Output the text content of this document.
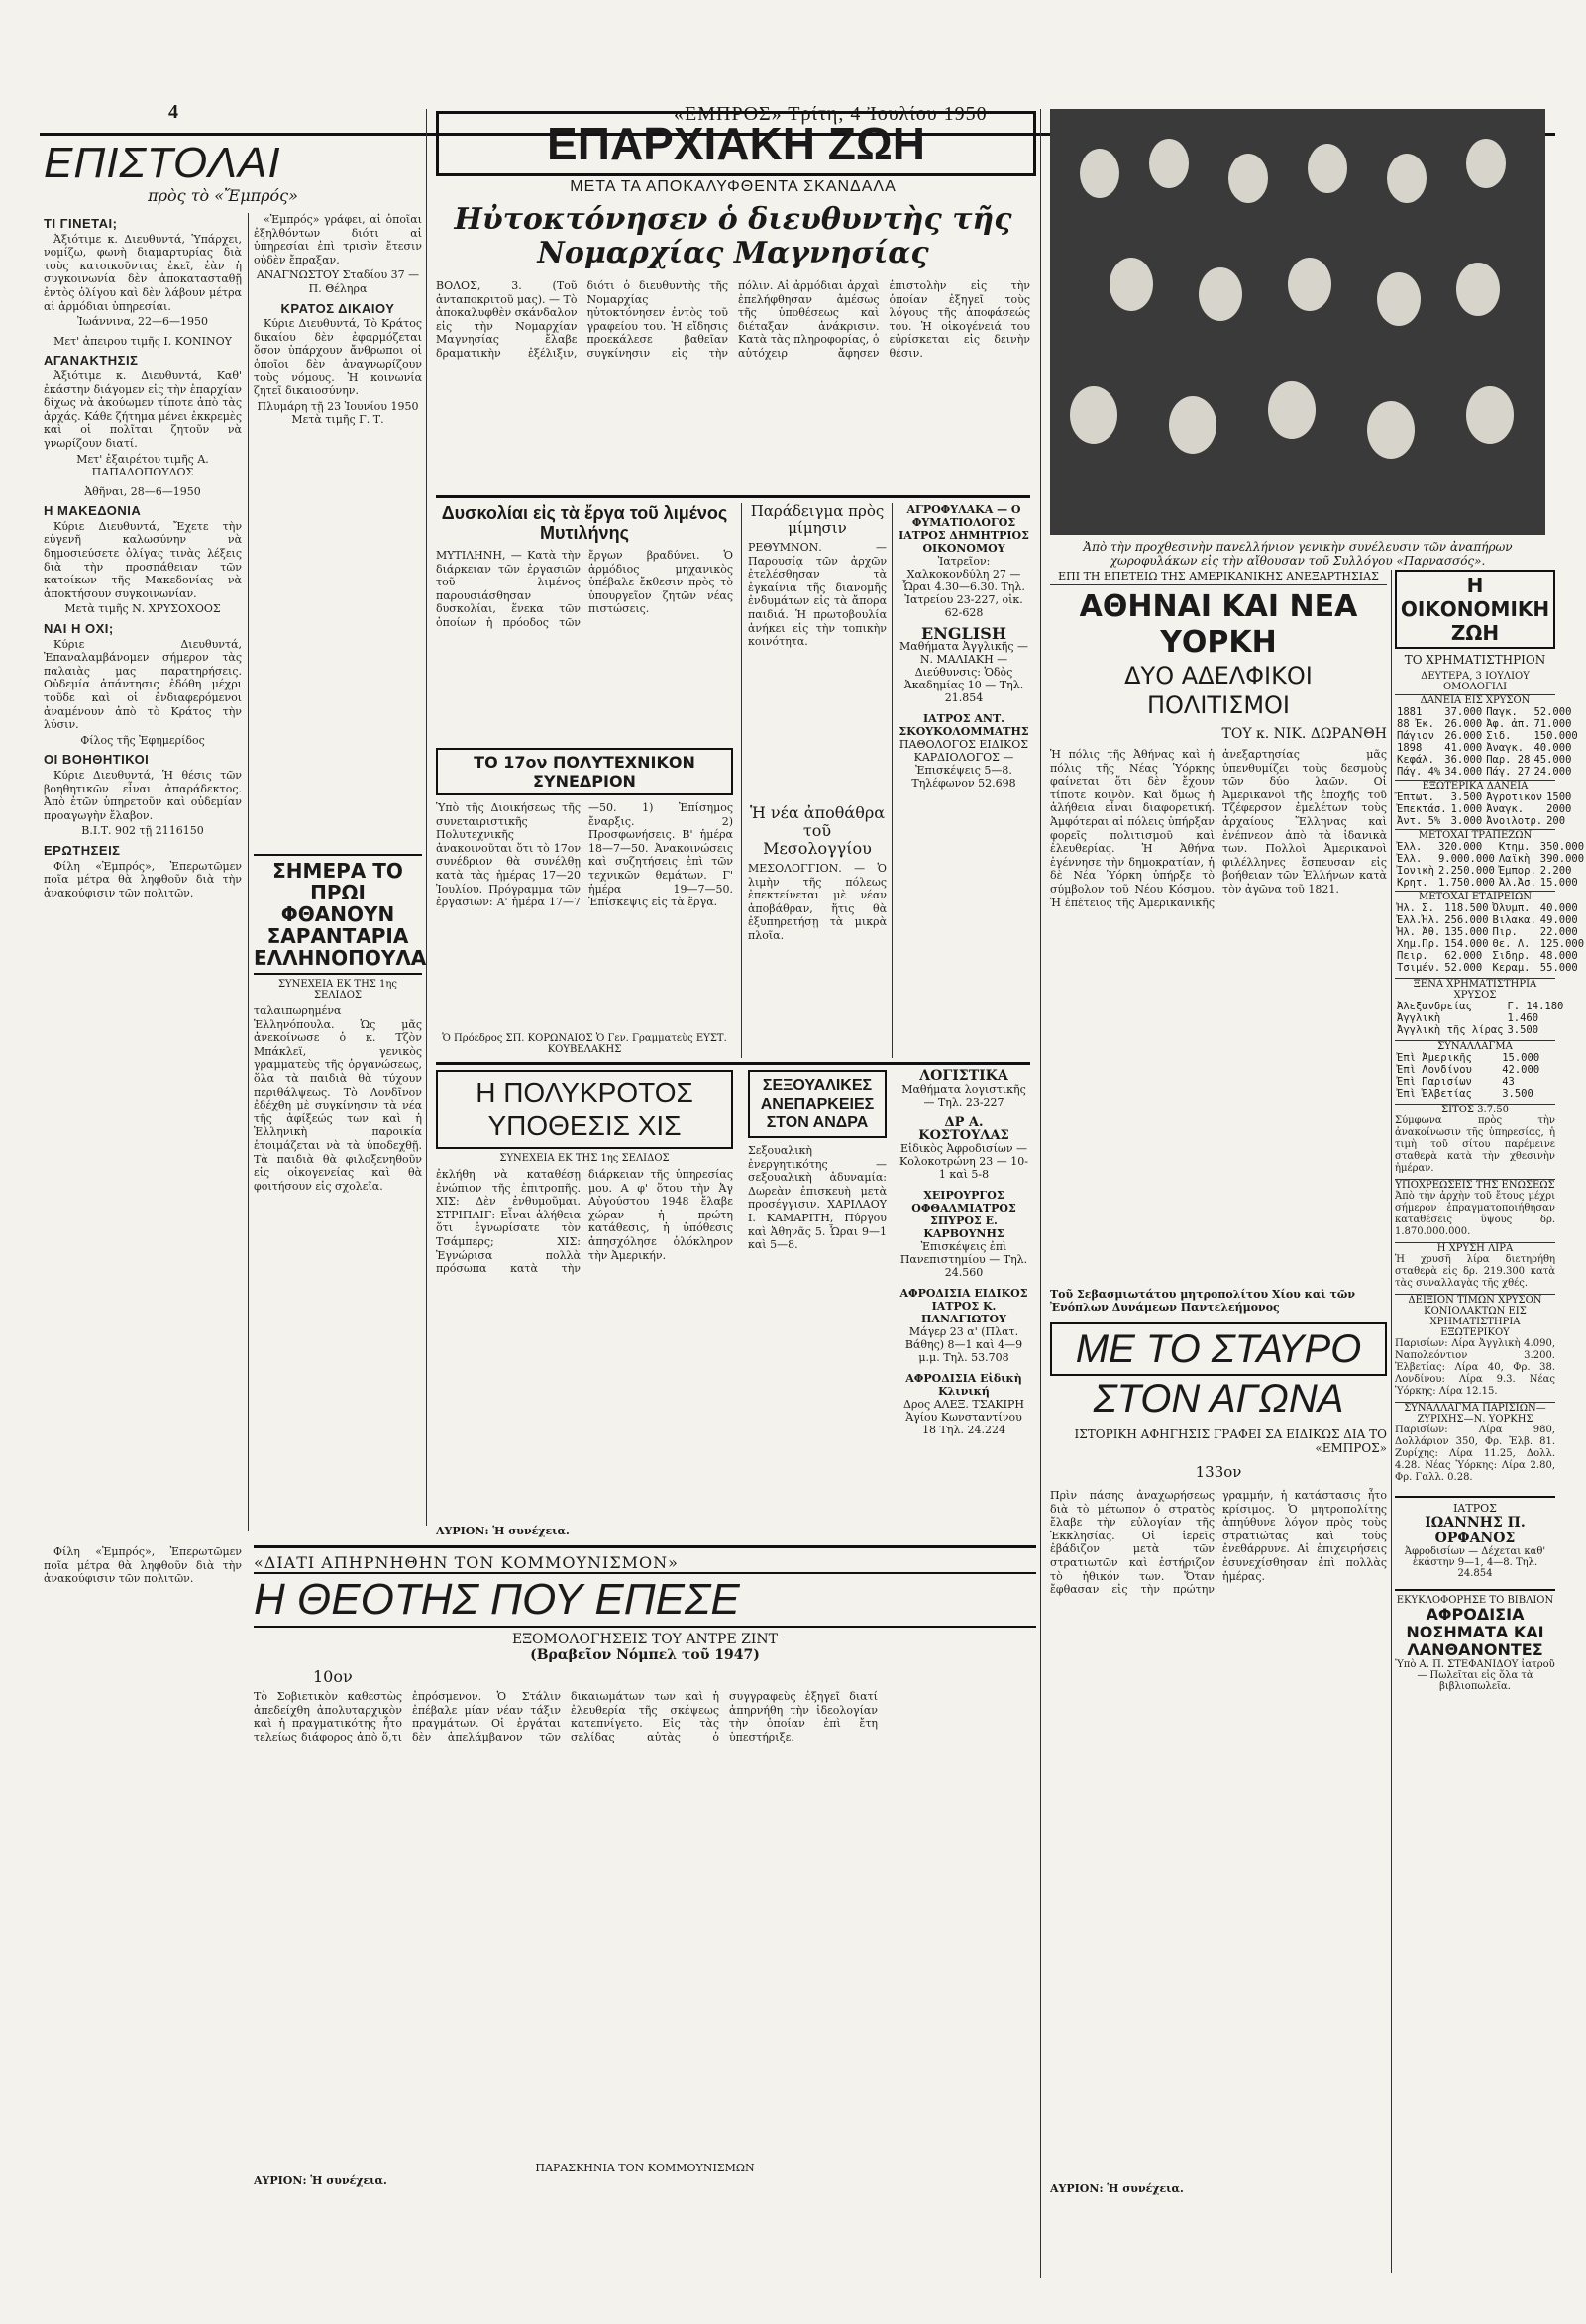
4	«ΕΜΠΡΟΣ» Τρίτη, 4 Ἰουλίου 1950
ΕΠΙΣΤΟΛΑΙ
πρὸς τὸ «Ἔμπρός»
ΤΙ ΓΙΝΕΤΑΙ;

Ἀξιότιμε κ. Διευθυντά, Ὑπάρχει, νομίζω, φωνὴ διαμαρτυρίας διὰ τοὺς κατοικοῦντας ἐκεῖ, ἐὰν ἡ συγκοινωνία δὲν ἀποκατασταθῇ ἐντὸς ὀλίγου καὶ δὲν λάβουν μέτρα αἱ ἀρμόδιαι ὑπηρεσίαι.

Ἰωάννινα, 22—6—1950

Μετ' ἀπειρου τιμῆς Ι. ΚΟΝΙΝΟΥ

ΑΓΑΝΑΚΤΗΣΙΣ

Ἀξιότιμε κ. Διευθυντά, Καθ' ἐκάστην διάγομεν εἰς τὴν ἐπαρχίαν δίχως νὰ ἀκούωμεν τίποτε ἀπὸ τὰς ἀρχάς. Κάθε ζήτημα μένει ἐκκρεμὲς καὶ οἱ πολῖται ζητοῦν νὰ γνωρίζουν διατί.

Μετ' ἐξαιρέτου τιμῆς Α. ΠΑΠΑΔΟΠΟΥΛΟΣ

Ἀθῆναι, 28—6—1950

Η ΜΑΚΕΔΟΝΙΑ

Κύριε Διευθυντά, Ἔχετε τὴν εὐγενῆ καλωσύνην νὰ δημοσιεύσετε ὀλίγας τινὰς λέξεις διὰ τὴν προσπάθειαν τῶν κατοίκων τῆς Μακεδονίας νὰ ἀποκτήσουν συγκοινωνίαν.

Μετὰ τιμῆς Ν. ΧΡΥΣΟΧΟΟΣ

ΝΑΙ Η ΟΧΙ;

Κύριε Διευθυντά, Ἐπαναλαμβάνομεν σήμερον τὰς παλαιὰς μας παρατηρήσεις. Οὐδεμία ἀπάντησις ἐδόθη μέχρι τοῦδε καὶ οἱ ἐνδιαφερόμενοι ἀναμένουν ἀπὸ τὸ Κράτος τὴν λύσιν.

Φίλος τῆς Ἐφημερίδος

ΟΙ ΒΟΗΘΗΤΙΚΟΙ

Κύριε Διευθυντά, Ἡ θέσις τῶν βοηθητικῶν εἶναι ἀπαράδεκτος. Ἀπὸ ἐτῶν ὑπηρετοῦν καὶ οὐδεμίαν προαγωγὴν ἔλαβον.

Β.Ι.Τ. 902 τῇ 2116150

ΕΡΩΤΗΣΕΙΣ

Φίλη «Ἐμπρός», Ἐπερωτῶμεν ποῖα μέτρα θὰ ληφθοῦν διὰ τὴν ἀνακούφισιν τῶν πολιτῶν.

«Ἐμπρός» γράφει, αἱ ὁποῖαι ἐξηλθόντων διότι αἱ ὑπηρεσίαι ἐπὶ τρισὶν ἔτεσιν οὐδὲν ἔπραξαν.

ΑΝΑΓΝΩΣΤΟΥ Σταδίου 37 — Π. Θέληρα

ΚΡΑΤΟΣ ΔΙΚΑΙΟΥ

Κύριε Διευθυντά, Τὸ Κράτος δικαίου δὲν ἐφαρμόζεται ὅσον ὑπάρχουν ἄνθρωποι οἱ ὁποῖοι δὲν ἀναγνωρίζουν τοὺς νόμους. Ἡ κοινωνία ζητεῖ δικαιοσύνην.

Πλυμάρη τῇ 23 Ἰουνίου 1950 Μετὰ τιμῆς Γ. Τ.

ΣΗΜΕΡΑ ΤΟ ΠΡΩΙ ΦΘΑΝΟΥΝ ΣΑΡΑΝΤΑΡΙΑ ΕΛΛΗΝΟΠΟΥΛΑ
ΣΥΝΕΧΕΙΑ ΕΚ ΤΗΣ 1ης ΣΕΛΙΔΟΣ
ταλαιπωρημένα Ἑλληνόπουλα. Ὡς μᾶς ἀνεκοίνωσε ὁ κ. Τζὸν Μπάκλεϊ, γενικὸς γραμματεὺς τῆς ὀργανώσεως, ὅλα τὰ παιδιὰ θὰ τύχουν περιθάλψεως. Τὸ Λονδῖνον ἐδέχθη μὲ συγκίνησιν τὰ νέα τῆς ἀφίξεώς των καὶ ἡ Ἑλληνικὴ παροικία ἑτοιμάζεται νὰ τὰ ὑποδεχθῇ. Τὰ παιδιὰ θὰ φιλοξενηθοῦν εἰς οἰκογενείας καὶ θὰ φοιτήσουν εἰς σχολεῖα.
ΕΠΑΡΧΙΑΚΗ ΖΩΗ
ΜΕΤΑ ΤΑ ΑΠΟΚΑΛΥΦΘΕΝΤΑ ΣΚΑΝΔΑΛΑ
Ηὐτοκτόνησεν ὁ διευθυντὴς τῆς Νομαρχίας Μαγνησίας
ΒΟΛΟΣ, 3. (Τοῦ ἀνταποκριτοῦ μας). — Τὸ ἀποκαλυφθὲν σκάνδαλον εἰς τὴν Νομαρχίαν Μαγνησίας ἔλαβε δραματικὴν ἐξέλιξιν, διότι ὁ διευθυντὴς τῆς Νομαρχίας ηὐτοκτόνησεν ἐντὸς τοῦ γραφείου του. Ἡ εἴδησις προεκάλεσε βαθεῖαν συγκίνησιν εἰς τὴν πόλιν. Αἱ ἀρμόδιαι ἀρχαὶ ἐπελήφθησαν ἀμέσως τῆς ὑποθέσεως καὶ διέταξαν ἀνάκρισιν. Κατὰ τὰς πληροφορίας, ὁ αὐτόχειρ ἄφησεν ἐπιστολὴν εἰς τὴν ὁποίαν ἐξηγεῖ τοὺς λόγους τῆς ἀποφάσεώς του. Ἡ οἰκογένειά του εὑρίσκεται εἰς δεινὴν θέσιν.
Ἀπὸ τὴν προχθεσινὴν πανελλήνιον γενικὴν συνέλευσιν τῶν ἀναπήρων χωροφυλάκων εἰς τὴν αἴθουσαν τοῦ Συλλόγου «Παρνασσός».
Δυσκολίαι εἰς τὰ ἔργα τοῦ λιμένος Μυτιλήνης
ΜΥΤΙΛΗΝΗ, — Κατὰ τὴν διάρκειαν τῶν ἐργασιῶν τοῦ λιμένος παρουσιάσθησαν δυσκολίαι, ἕνεκα τῶν ὁποίων ἡ πρόοδος τῶν ἔργων βραδύνει. Ὁ ἁρμόδιος μηχανικὸς ὑπέβαλε ἔκθεσιν πρὸς τὸ ὑπουργεῖον ζητῶν νέας πιστώσεις.
Παράδειγμα πρὸς μίμησιν
ΡΕΘΥΜΝΟΝ. — Παρουσίᾳ τῶν ἀρχῶν ἐτελέσθησαν τὰ ἐγκαίνια τῆς διανομῆς ἐνδυμάτων εἰς τὰ ἄπορα παιδιά. Ἡ πρωτοβουλία ἀνήκει εἰς τὴν τοπικὴν κοινότητα.
Ἡ νέα ἀποθάθρα τοῦ Μεσολογγίου
ΜΕΣΟΛΟΓΓΙΟΝ. — Ὁ λιμὴν τῆς πόλεως ἐπεκτείνεται μὲ νέαν ἀποβάθραν, ἥτις θὰ ἐξυπηρετήσῃ τὰ μικρὰ πλοῖα.
ΤΟ 17ον ΠΟΛΥΤΕΧΝΙΚΟΝ ΣΥΝΕΔΡΙΟΝ
Ὑπὸ τῆς Διοικήσεως τῆς συνεταιριστικῆς Πολυτεχνικῆς ἀνακοινοῦται ὅτι τὸ 17ον συνέδριον θὰ συνέλθῃ κατὰ τὰς ἡμέρας 17—20 Ἰουλίου. Πρόγραμμα τῶν ἐργασιῶν: Α' ἡμέρα 17—7—50. 1) Ἐπίσημος ἔναρξις. 2) Προσφωνήσεις. Β' ἡμέρα 18—7—50. Ἀνακοινώσεις καὶ συζητήσεις ἐπὶ τῶν τεχνικῶν θεμάτων. Γ' ἡμέρα 19—7—50. Ἐπίσκεψις εἰς τὰ ἔργα.
Ὁ Πρόεδρος ΣΠ. ΚΟΡΩΝΑΙΟΣ Ὁ Γεν. Γραμματεὺς ΕΥΣΤ. ΚΟΥΒΕΛΑΚΗΣ
ΑΓΡΟΦΥΛΑΚΑ — Ο ΦΥΜΑΤΙΟΛΟΓΟΣ ΙΑΤΡΟΣ ΔΗΜΗΤΡΙΟΣ ΟΙΚΟΝΟΜΟΥ
Ἰατρεῖον: Χαλκοκονδύλη 27 — Ὧραι 4.30—6.30. Τηλ. Ἰατρείου 23-227, οἰκ. 62-628
ENGLISH
Μαθήματα Ἀγγλικῆς — Ν. ΜΑΛΙΑΚΗ — Διεύθυνσις: Ὁδὸς Ἀκαδημίας 10 — Τηλ. 21.854
ΙΑΤΡΟΣ ΑΝΤ. ΣΚΟΥΚΟΛΟΜΜΑΤΗΣ
ΠΑΘΟΛΟΓΟΣ ΕΙΔΙΚΟΣ ΚΑΡΔΙΟΛΟΓΟΣ — Ἐπισκέψεις 5—8. Τηλέφωνον 52.698
Η ΠΟΛΥΚΡΟΤΟΣ ΥΠΟΘΕΣΙΣ ΧΙΣ
ΣΥΝΕΧΕΙΑ ΕΚ ΤΗΣ 1ης ΣΕΛΙΔΟΣ
ἐκλήθη νὰ καταθέσῃ ἐνώπιον τῆς ἐπιτροπῆς. ΧΙΣ: Δὲν ἐνθυμοῦμαι. ΣΤΡΙΠΛΙΓ: Εἶναι ἀλήθεια ὅτι ἐγνωρίσατε τὸν Τσάμπερς; ΧΙΣ: Ἐγνώρισα πολλὰ πρόσωπα κατὰ τὴν διάρκειαν τῆς ὑπηρεσίας μου. Α φ' ὅτου τὴν Ἀγ Αὐγούστου 1948 ἔλαβε χώραν ἡ πρώτη κατάθεσις, ἡ ὑπόθεσις ἀπησχόλησε ὁλόκληρον τὴν Ἀμερικήν.
ΑΥΡΙΟΝ: Ἡ συνέχεια.
ΣΕΞΟΥΑΛΙΚΕΣ ΑΝΕΠΑΡΚΕΙΕΣ ΣΤΟΝ ΑΝΔΡΑ
Σεξουαλικὴ ἐνεργητικότης — σεξουαλικὴ ἀδυναμία: Δωρεὰν ἐπισκευὴ μετὰ προσέγγισιν. ΧΑΡΙΛΑΟΥ Ι. ΚΑΜΑΡΙΤΗ, Πύργου καὶ Ἀθηνᾶς 5. Ὧραι 9—1 καὶ 5—8.
ΛΟΓΙΣΤΙΚΑ
Μαθήματα λογιστικῆς — Τηλ. 23-227
ΔΡ Α. ΚΟΣΤΟΥΛΑΣ
Εἰδικὸς Ἀφροδισίων — Κολοκοτρώνη 23 — 10-1 καὶ 5-8
ΧΕΙΡΟΥΡΓΟΣ ΟΦΘΑΛΜΙΑΤΡΟΣ ΣΠΥΡΟΣ Ε. ΚΑΡΒΟΥΝΗΣ
Ἐπισκέψεις ἐπὶ Πανεπιστημίου — Τηλ. 24.560
ΑΦΡΟΔΙΣΙΑ ΕΙΔΙΚΟΣ ΙΑΤΡΟΣ Κ. ΠΑΝΑΓΙΩΤΟΥ
Μάγερ 23 α' (Πλατ. Βάθης) 8—1 καὶ 4—9 μ.μ. Τηλ. 53.708
ΑΦΡΟΔΙΣΙΑ Εἰδικὴ Κλινική
Δρος ΑΛΕΞ. ΤΣΑΚΙΡΗ Ἁγίου Κωνσταντίνου 18 Τηλ. 24.224
ΕΠΙ ΤΗ ΕΠΕΤΕΙΩ ΤΗΣ ΑΜΕΡΙΚΑΝΙΚΗΣ ΑΝΕΞΑΡΤΗΣΙΑΣ
ΑΘΗΝΑΙ ΚΑΙ ΝΕΑ ΥΟΡΚΗ
ΔΥΟ ΑΔΕΛΦΙΚΟΙ ΠΟΛΙΤΙΣΜΟΙ
ΤΟΥ κ. ΝΙΚ. ΔΩΡΑΝΘΗ
Ἡ πόλις τῆς Ἀθήνας καὶ ἡ πόλις τῆς Νέας Ὑόρκης φαίνεται ὅτι δὲν ἔχουν τίποτε κοινὸν. Καὶ ὅμως ἡ ἀλήθεια εἶναι διαφορετική. Ἀμφότεραι αἱ πόλεις ὑπήρξαν φορεῖς πολιτισμοῦ καὶ ἐλευθερίας. Ἡ Ἀθήνα ἐγέννησε τὴν δημοκρατίαν, ἡ δὲ Νέα Ὑόρκη ὑπήρξε τὸ σύμβολον τοῦ Νέου Κόσμου. Ἡ ἐπέτειος τῆς Ἀμερικανικῆς ἀνεξαρτησίας μᾶς ὑπενθυμίζει τοὺς δεσμοὺς τῶν δύο λαῶν. Οἱ Ἀμερικανοὶ τῆς ἐποχῆς τοῦ Τζέφερσον ἐμελέτων τοὺς ἀρχαίους Ἕλληνας καὶ ἐνέπνεον ἀπὸ τὰ ἰδανικὰ των. Πολλοὶ Ἀμερικανοὶ φιλέλληνες ἔσπευσαν εἰς βοήθειαν τῶν Ἑλλήνων κατὰ τὸν ἀγῶνα τοῦ 1821.
Η ΟΙΚΟΝΟΜΙΚΗ ΖΩΗ
ΤΟ ΧΡΗΜΑΤΙΣΤΗΡΙΟΝ
ΔΕΥΤΕΡΑ, 3 ΙΟΥΛΙΟΥ
ΟΜΟΛΟΓΙΑΙ
ΔΑΝΕΙΑ ΕΙΣ ΧΡΥΣΟΝ
1881	37.000	Παγκ.	52.000
88 Ἐκ.	26.000	Ἀφ. ἀπ.	71.000
Πάγιον	26.000	Σιδ.	150.000
1898	41.000	Ἀναγκ.	40.000
Κεφάλ.	36.000	Παρ. 28	45.000
Πάγ. 4%	34.000	Πάγ. 27	24.000
ΕΞΩΤΕΡΙΚΑ ΔΑΝΕΙΑ
Ἔπτωτ.	3.500	Ἀγροτικὸν	1500
Ἐπεκτάσ.	1.000	Ἀναγκ.	2000
Ἀντ. 5%	3.000	Ἀνοιλοτρ.	200
ΜΕΤΟΧΑΙ ΤΡΑΠΕΖΩΝ
Ἐλλ.	320.000	Κτημ.	350.000
Ἐλλ.	9.000.000	Λαϊκὴ	390.000
Ἰονικὴ	2.250.000	Ἐμπορ.	2.200
Κρητ.	1.750.000	Ἀλ.Ἀσ.	15.000
ΜΕΤΟΧΑΙ ΕΤΑΙΡΕΙΩΝ
Ἠλ. Σ.	118.500	Ὀλυμπ.	40.000
Ἐλλ.Ἠλ.	256.000	Βιλακα.	49.000
Ἠλ. Ἀθ.	135.000	Πιρ.	22.000
Χημ.Πρ.	154.000	Θε. Λ.	125.000
Πειρ.	62.000	Σιδηρ.	48.000
Τσιμέν.	52.000	Κεραμ.	55.000
ΞΕΝΑ ΧΡΗΜΑΤΙΣΤΗΡΙΑ
ΧΡΥΣΟΣ
Ἀλεξανδρείας	Γ. 14.180
Ἀγγλικὴ	1.460
Ἀγγλικὴ τῆς λίρας	3.500
ΣΥΝΑΛΛΑΓΜΑ
Ἐπὶ Ἀμερικῆς	15.000
Ἐπὶ Λονδίνου	42.000
Ἐπὶ Παρισίων	43
Ἐπὶ Ἑλβετίας	3.500
ΣΙΤΟΣ 3.7.50
Σύμφωνα πρὸς τὴν ἀνακοίνωσιν τῆς ὑπηρεσίας, ἡ τιμὴ τοῦ σίτου παρέμεινε σταθερὰ κατὰ τὴν χθεσινὴν ἡμέραν.
ΥΠΟΧΡΕΩΣΕΙΣ ΤΗΣ ΕΝΩΣΕΩΣ
Ἀπὸ τὴν ἀρχὴν τοῦ ἔτους μέχρι σήμερον ἐπραγματοποιήθησαν καταθέσεις ὕψους δρ. 1.870.000.000.
Η ΧΡΥΣΗ ΛΙΡΑ
Ἡ χρυσῆ λίρα διετηρήθη σταθερὰ εἰς δρ. 219.300 κατὰ τὰς συναλλαγὰς τῆς χθές.
ΔΕΙΞΙΟΝ ΤΙΜΩΝ ΧΡΥΣΟΝ ΚΟΝΙΟΛΑΚΤΩΝ ΕΙΣ ΧΡΗΜΑΤΙΣΤΗΡΙΑ ΕΞΩΤΕΡΙΚΟΥ
Παρισίων: Λίρα Ἀγγλικὴ 4.090, Ναπολεόντιον 3.200. Ἐλβετίας: Λίρα 40, Φρ. 38. Λονδίνου: Λίρα 9.3. Νέας Ὑόρκης: Λίρα 12.15.
ΣΥΝΑΛΛΑΓΜΑ ΠΑΡΙΣΙΩΝ—ΖΥΡΙΧΗΣ—Ν. ΥΟΡΚΗΣ
Παρισίων: Λίρα 980, Δολλάριον 350, Φρ. Ἐλβ. 81. Ζυρίχης: Λίρα 11.25, Δολλ. 4.28. Νέας Ὑόρκης: Λίρα 2.80, Φρ. Γαλλ. 0.28.
ΙΑΤΡΟΣ
ΙΩΑΝΝΗΣ Π. ΟΡΦΑΝΟΣ
Ἀφροδισίων — Δέχεται καθ' ἑκάστην 9—1, 4—8. Τηλ. 24.854
ΕΚΥΚΛΟΦΟΡΗΣΕ ΤΟ ΒΙΒΛΙΟΝ
ΑΦΡΟΔΙΣΙΑ ΝΟΣΗΜΑΤΑ ΚΑΙ ΛΑΝΘΑΝΟΝΤΕΣ
Ὑπὸ Α. Π. ΣΤΕΦΑΝΙΔΟΥ ἰατροῦ — Πωλεῖται εἰς ὅλα τὰ βιβλιοπωλεῖα.
Τοῦ Σεβασμιωτάτου μητροπολίτου Χίου καὶ τῶν Ἐνόπλων Δυνάμεων Παντελεήμονος
ΜΕ ΤΟ ΣΤΑΥΡΟ
ΣΤΟΝ ΑΓΩΝΑ
ΙΣΤΟΡΙΚΗ ΑΦΗΓΗΣΙΣ ΓΡΑΦΕΙ ΣΑ ΕΙΔΙΚΩΣ ΔΙΑ ΤΟ «ΕΜΠΡΟΣ»
133ον
Πρὶν πάσης ἀναχωρήσεως διὰ τὸ μέτωπον ὁ στρατὸς ἔλαβε τὴν εὐλογίαν τῆς Ἐκκλησίας. Οἱ ἱερεῖς ἐβάδιζον μετὰ τῶν στρατιωτῶν καὶ ἐστήριζον τὸ ἠθικόν των. Ὅταν ἔφθασαν εἰς τὴν πρώτην γραμμήν, ἡ κατάστασις ἦτο κρίσιμος. Ὁ μητροπολίτης ἀπηύθυνε λόγον πρὸς τοὺς στρατιώτας καὶ τοὺς ἐνεθάρρυνε. Αἱ ἐπιχειρήσεις ἐσυνεχίσθησαν ἐπὶ πολλὰς ἡμέρας.
ΑΥΡΙΟΝ: Ἡ συνέχεια.
«ΔΙΑΤΙ ΑΠΗΡΝΗΘΗΝ ΤΟΝ ΚΟΜΜΟΥΝΙΣΜΟΝ»
Η ΘΕΟΤΗΣ ΠΟΥ ΕΠΕΣΕ
ΕΞΟΜΟΛΟΓΗΣΕΙΣ ΤΟΥ ΑΝΤΡΕ ΖΙΝΤ
(Βραβεῖον Νόμπελ τοῦ 1947)
10ον
Τὸ Σοβιετικὸν καθεστὼς ἀπεδείχθη ἀπολυταρχικὸν καὶ ἡ πραγματικότης ἦτο τελείως διάφορος ἀπὸ ὅ,τι ἐπρόσμενον. Ὁ Στάλιν ἐπέβαλε μίαν νέαν τάξιν πραγμάτων. Οἱ ἐργάται δὲν ἀπελάμβανον τῶν δικαιωμάτων των καὶ ἡ ἐλευθερία τῆς σκέψεως κατεπνίγετο. Εἰς τὰς σελίδας αὐτὰς ὁ συγγραφεὺς ἐξηγεῖ διατί ἀπηρνήθη τὴν ἰδεολογίαν τὴν ὁποίαν ἐπὶ ἔτη ὑπεστήριξε.
ΠΑΡΑΣΚΗΝΙΑ ΤΟΝ ΚΟΜΜΟΥΝΙΣΜΩΝ
ΑΥΡΙΟΝ: Ἡ συνέχεια.

Φίλη «Ἐμπρός», Ἐπερωτῶμεν ποῖα μέτρα θὰ ληφθοῦν διὰ τὴν ἀνακούφισιν τῶν πολιτῶν.
